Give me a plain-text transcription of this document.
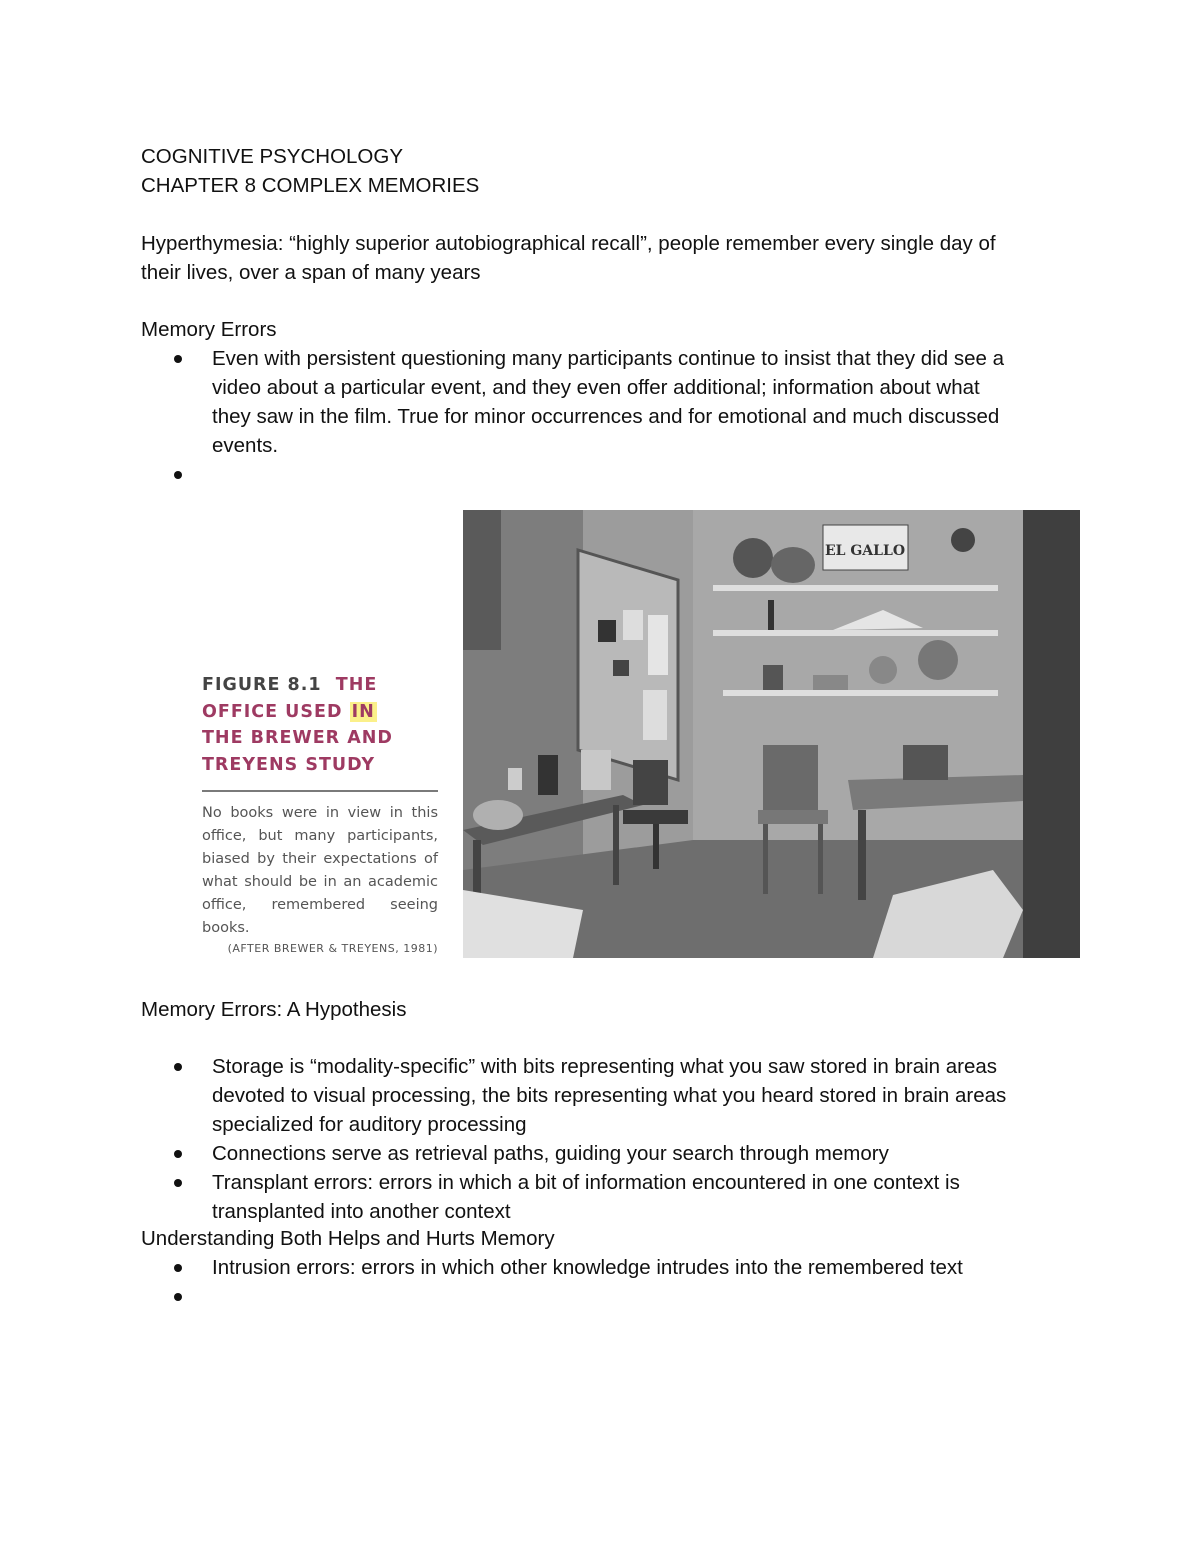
COGNITIVE PSYCHOLOGY
CHAPTER 8 COMPLEX MEMORIES
Hyperthymesia: “highly superior autobiographical recall”, people remember every single day of
their lives, over a span of many years
Memory Errors
Even with persistent questioning many participants continue to insist that they did see a
video about a particular event, and they even offer additional; information about what
they saw in the film. True for minor occurrences and for emotional and much discussed
events.
FIGURE 8.1 THE
OFFICE USED IN
THE BREWER AND
TREYENS STUDY
No books were in view in this office, but many participants, biased by their expectations of what should be in an academic office, remembered seeing books.
(AFTER BREWER & TREYENS, 1981)
EL GALLO
Memory Errors: A Hypothesis
Storage is “modality-specific” with bits representing what you saw stored in brain areas
devoted to visual processing, the bits representing what you heard stored in brain areas
specialized for auditory processing
Connections serve as retrieval paths, guiding your search through memory
Transplant errors: errors in which a bit of information encountered in one context is
transplanted into another context
Understanding Both Helps and Hurts Memory
Intrusion errors: errors in which other knowledge intrudes into the remembered text
